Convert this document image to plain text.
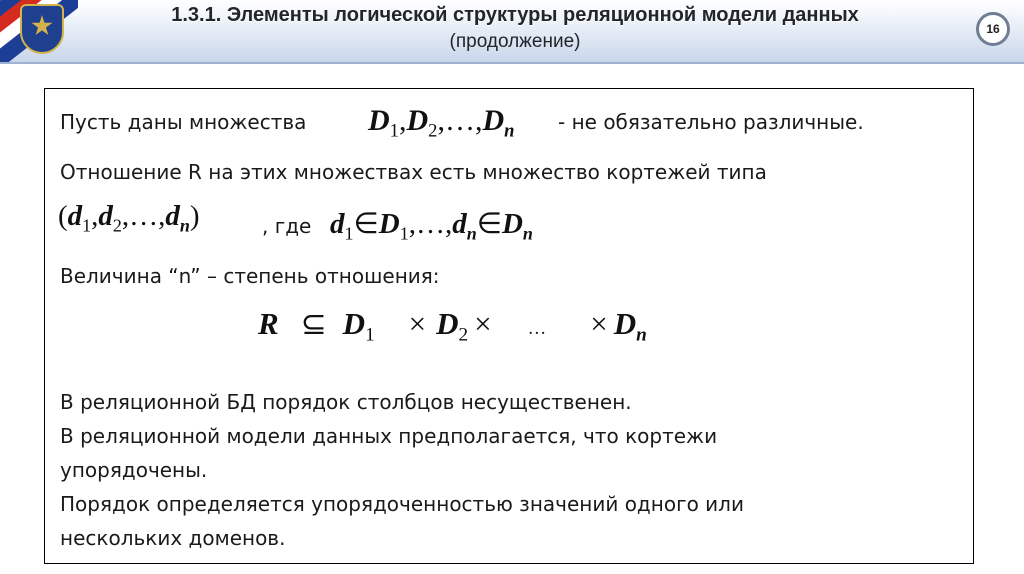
1.3.1. Элементы логической структуры реляционной модели данных
(продолжение)
16
Пусть даны множества $D_1,D_2,\dots,D_n$ - не обязательно различные.
Отношение R на этих множествах есть множество кортежей типа
$(d_1,d_2,\dots,d_n)$	, где $d_1\in D_1,\dots,d_n\in D_n$
Величина “n” – степень отношения:
R ⊆ $D_1 \times D_2$ × … × $D_n$
В реляционной БД порядок столбцов несущественен.
В реляционной модели данных предполагается, что кортежи
упорядочены.
Порядок определяется упорядоченностью значений одного или
нескольких доменов.
